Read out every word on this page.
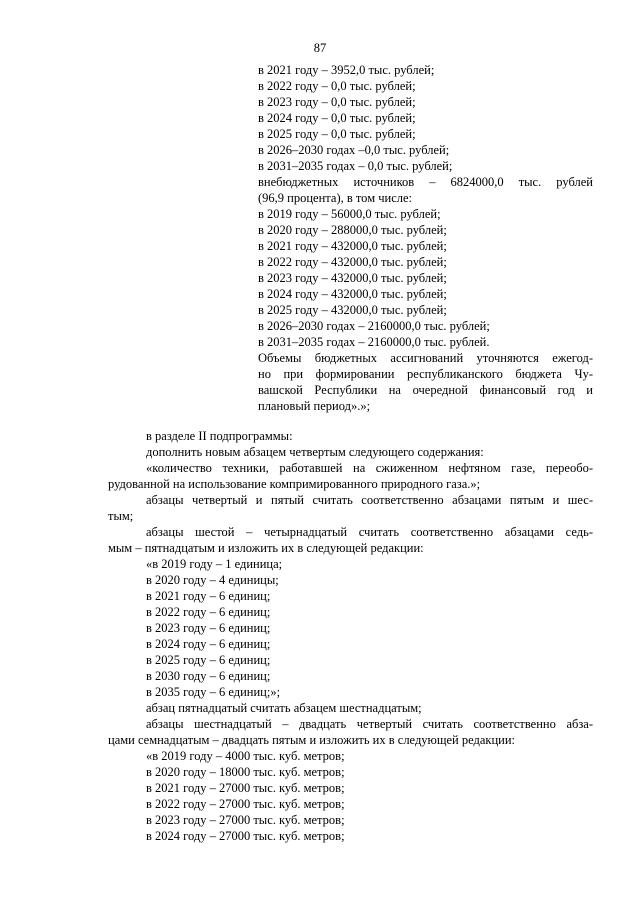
87
в 2021 году – 3952,0 тыс. рублей;
в 2022 году – 0,0 тыс. рублей;
в 2023 году – 0,0 тыс. рублей;
в 2024 году – 0,0 тыс. рублей;
в 2025 году – 0,0 тыс. рублей;
в 2026–2030 годах –0,0 тыс. рублей;
в 2031–2035 годах – 0,0 тыс. рублей;
внебюджетных источников – 6824000,0 тыс. рублей
(96,9 процента), в том числе:
в 2019 году – 56000,0 тыс. рублей;
в 2020 году – 288000,0 тыс. рублей;
в 2021 году – 432000,0 тыс. рублей;
в 2022 году – 432000,0 тыс. рублей;
в 2023 году – 432000,0 тыс. рублей;
в 2024 году – 432000,0 тыс. рублей;
в 2025 году – 432000,0 тыс. рублей;
в 2026–2030 годах – 2160000,0 тыс. рублей;
в 2031–2035 годах – 2160000,0 тыс. рублей.
Объемы бюджетных ассигнований уточняются ежегод-
но при формировании республиканского бюджета Чу-
вашской Республики на очередной финансовый год и
плановый период».»;
в разделе II подпрограммы:
дополнить новым абзацем четвертым следующего содержания:
«количество техники, работавшей на сжиженном нефтяном газе, переобо-
рудованной на использование компримированного природного газа.»;
абзацы четвертый и пятый считать соответственно абзацами пятым и шес-
тым;
абзацы шестой – четырнадцатый считать соответственно абзацами седь-
мым – пятнадцатым и изложить их в следующей редакции:
«в 2019 году – 1 единица;
в 2020 году – 4 единицы;
в 2021 году – 6 единиц;
в 2022 году – 6 единиц;
в 2023 году – 6 единиц;
в 2024 году – 6 единиц;
в 2025 году – 6 единиц;
в 2030 году – 6 единиц;
в 2035 году – 6 единиц;»;
абзац пятнадцатый считать абзацем шестнадцатым;
абзацы шестнадцатый – двадцать четвертый считать соответственно абза-
цами семнадцатым – двадцать пятым и изложить их в следующей редакции:
«в 2019 году – 4000 тыс. куб. метров;
в 2020 году – 18000 тыс. куб. метров;
в 2021 году – 27000 тыс. куб. метров;
в 2022 году – 27000 тыс. куб. метров;
в 2023 году – 27000 тыс. куб. метров;
в 2024 году – 27000 тыс. куб. метров;
